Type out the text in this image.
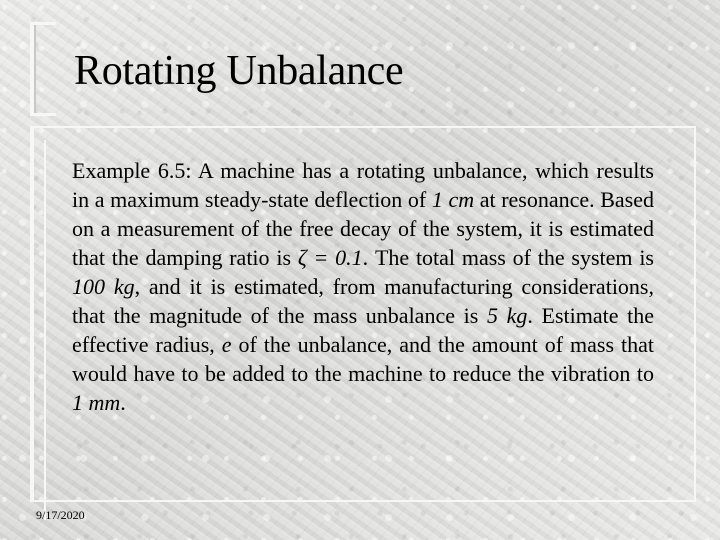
Rotating Unbalance

Example 6.5: A machine has a rotating unbalance, which results in a maximum steady-state deflection of 1 cm at resonance. Based on a measurement of the free decay of the system, it is estimated that the damping ratio is ζ = 0.1. The total mass of the system is 100 kg, and it is estimated, from manufacturing considerations, that the magnitude of the mass unbalance is 5 kg. Estimate the effective radius, e of the unbalance, and the amount of mass that would have to be added to the machine to reduce the vibration to 1 mm.

9/17/2020
